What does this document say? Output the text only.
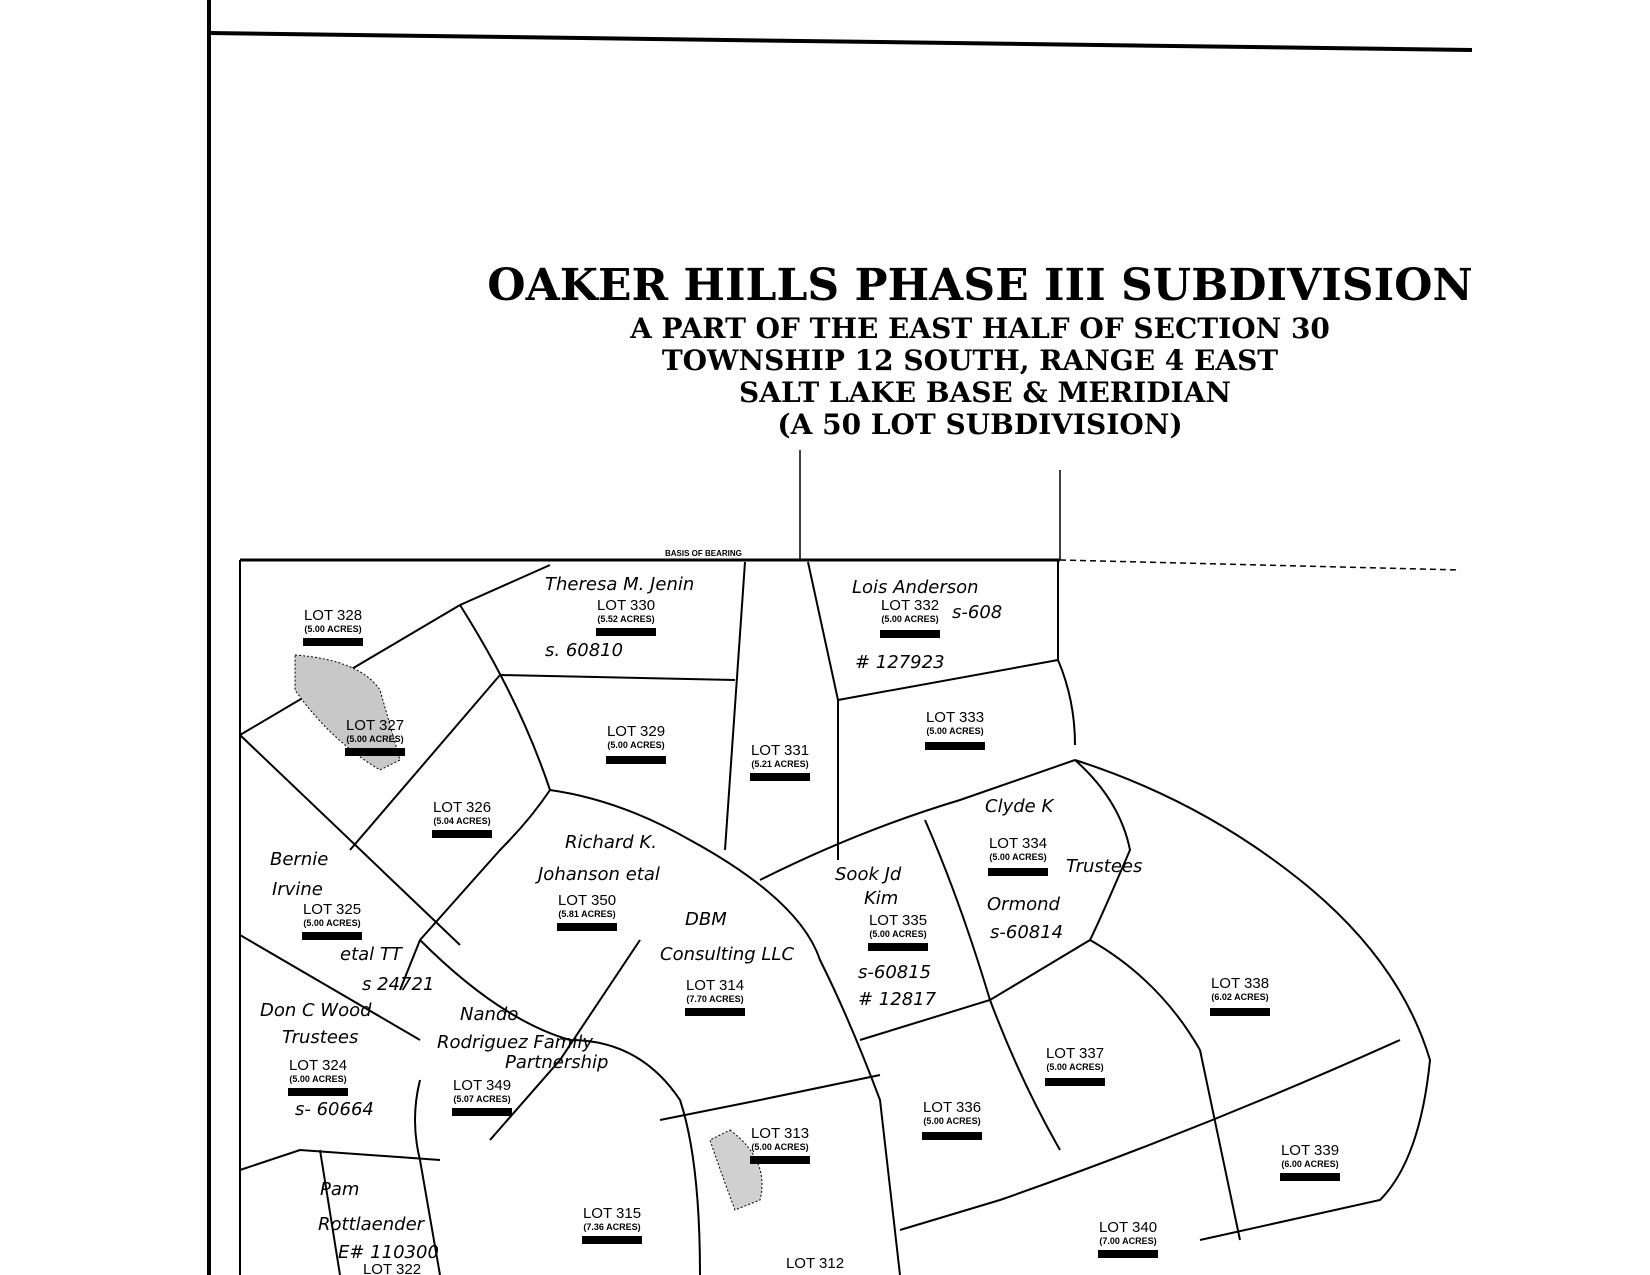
OAKER HILLS PHASE III SUBDIVISION
A PART OF THE EAST HALF OF SECTION 30
TOWNSHIP 12 SOUTH, RANGE 4 EAST
SALT LAKE BASE & MERIDIAN
(A 50 LOT SUBDIVISION)
BASIS OF BEARING
LOT 328
(5.00 ACRES)
LOT 330
(5.52 ACRES)
LOT 332
(5.00 ACRES)
LOT 327
(5.00 ACRES)	LOT 329
(5.00 ACRES)	LOT 331
(5.21 ACRES)
LOT 333
(5.00 ACRES)
LOT 326
(5.04 ACRES)
LOT 334
(5.00 ACRES)
LOT 350
(5.81 ACRES)
LOT 325
(5.00 ACRES)	LOT 335
(5.00 ACRES)
LOT 314
(7.70 ACRES)
LOT 338
(6.02 ACRES)
LOT 324
(5.00 ACRES)	LOT 349
(5.07 ACRES)
LOT 337
(5.00 ACRES)
LOT 336
(5.00 ACRES)
LOT 313
(5.00 ACRES)	LOT 339
(6.00 ACRES)
LOT 315
(7.36 ACRES)	LOT 340
(7.00 ACRES)
LOT 312
LOT 322
Theresa M. Jenin	Lois Anderson
s-608
s. 60810
# 127923
Clyde K
Trustees
Ormond
s-60814
Richard K.
Johanson etal
Bernie
Irvine
etal TT
s 24721
Sook Jd
Kim
DBM
Consulting LLC
s-60815
# 12817
Don C Wood
Trustees
Nando
Rodriguez Family
Partnership
s- 60664
Pam
Rottlaender
E# 110300
